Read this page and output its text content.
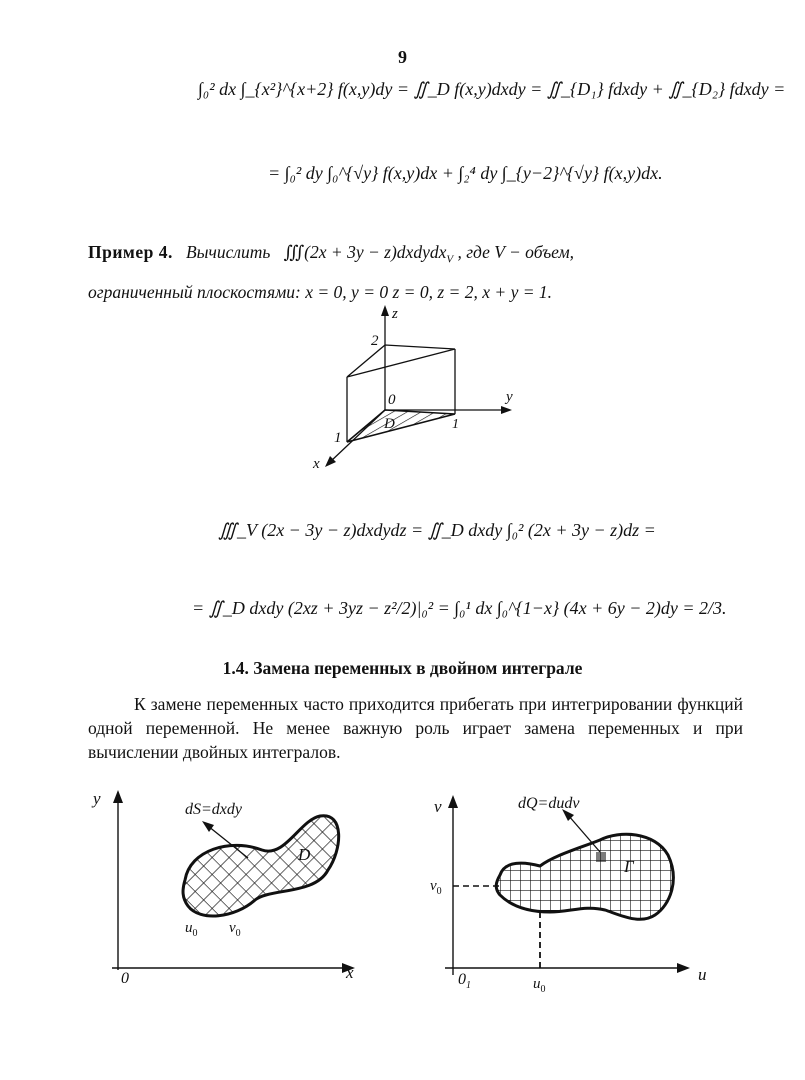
9
∫₀² dx ∫_{x²}^{x+2} f(x,y)dy = ∬_D f(x,y)dxdy = ∬_{D₁} fdxdy + ∬_{D₂} fdxdy =
= ∫₀² dy ∫₀^{√y} f(x,y)dx + ∫₂⁴ dy ∫_{y−2}^{√y} f(x,y)dx.
Пример 4. Вычислить ∭(2x + 3y − z)dxdydx$_V$ , где V − объем,
ограниченный плоскостями: x = 0, y = 0 z = 0, z = 2, x + y = 1.
z
y
x
2
1
1
0
D
∭_V (2x − 3y − z)dxdydz = ∬_D dxdy ∫₀² (2x + 3y − z)dz =
= ∬_D dxdy (2xz + 3yz − z²/2)|₀² = ∫₀¹ dx ∫₀^{1−x} (4x + 6y − 2)dy = 2/3.
1.4. Замена переменных в двойном интеграле
К замене переменных часто приходится прибегать при интегрировании функций одной переменной. Не менее важную роль играет замена переменных и при вычислении двойных интегралов.
dS=dxdy
y
x
0
D
$u_0$ $v_0$
dQ=dudv
v
u
$0_1$
Г
$v_0$
$u_0$
